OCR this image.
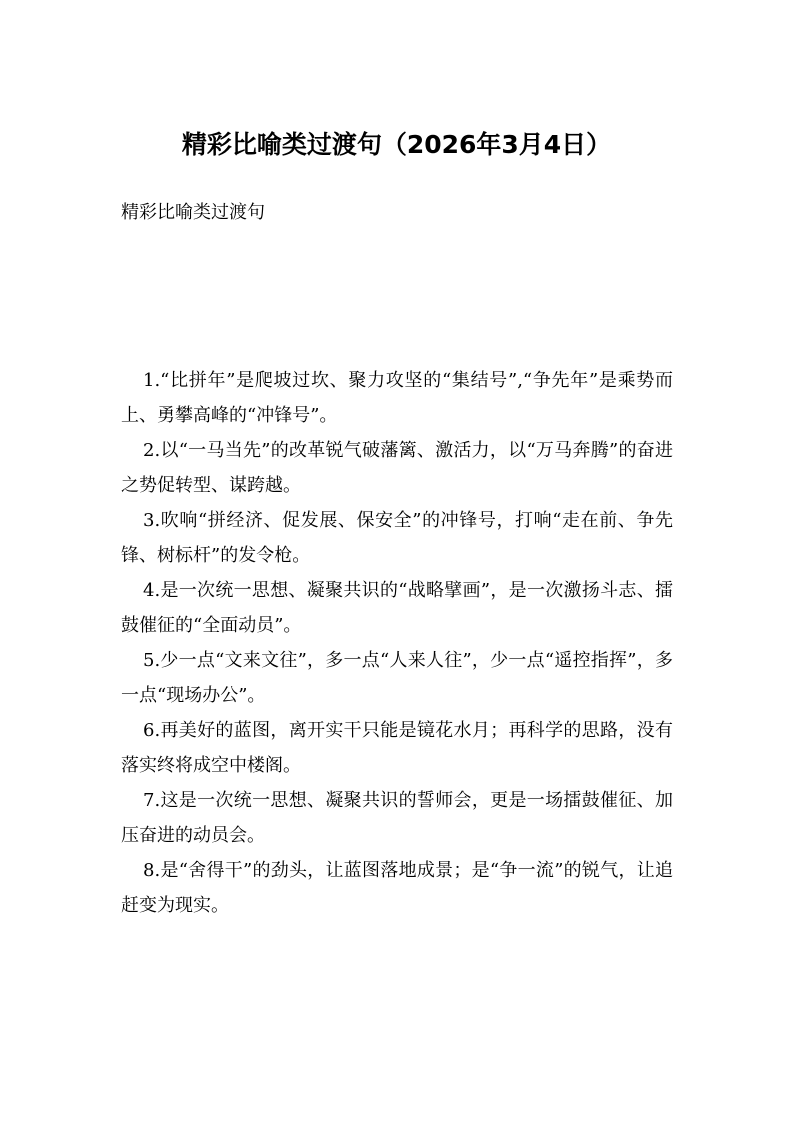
精彩比喻类过渡句（2026年3月4日）

精彩比喻类过渡句

1.“比拼年”是爬坡过坎、聚力攻坚的“集结号”,“争先年”是乘势而上、勇攀高峰的“冲锋号”。
2.以“一马当先”的改革锐气破藩篱、激活力，以“万马奔腾”的奋进之势促转型、谋跨越。
3.吹响“拼经济、促发展、保安全”的冲锋号，打响“走在前、争先锋、树标杆”的发令枪。
4.是一次统一思想、凝聚共识的“战略擘画”，是一次激扬斗志、擂鼓催征的“全面动员”。
5.少一点“文来文往”，多一点“人来人往”，少一点“遥控指挥”，多一点“现场办公”。
6.再美好的蓝图，离开实干只能是镜花水月；再科学的思路，没有落实终将成空中楼阁。
7.这是一次统一思想、凝聚共识的誓师会，更是一场擂鼓催征、加压奋进的动员会。
8.是“舍得干”的劲头，让蓝图落地成景；是“争一流”的锐气，让追赶变为现实。
